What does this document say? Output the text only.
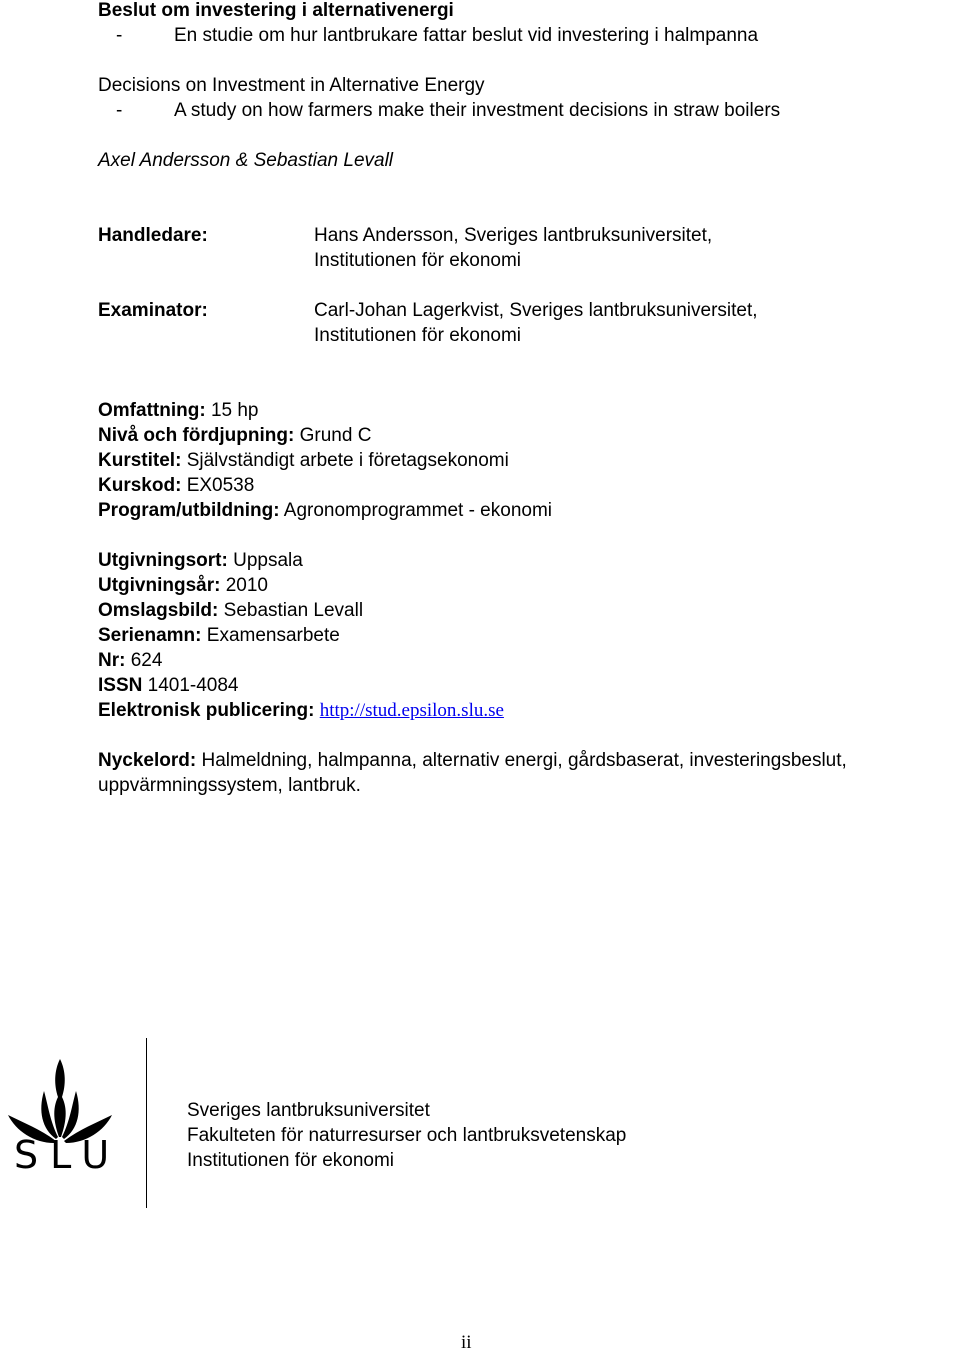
Beslut om investering i alternativenergi
-	En studie om hur lantbrukare fattar beslut vid investering i halmpanna
Decisions on Investment in Alternative Energy
-	A study on how farmers make their investment decisions in straw boilers
Axel Andersson & Sebastian Levall
Handledare:	Hans Andersson, Sveriges lantbruksuniversitet,
Institutionen för ekonomi
Examinator:	Carl-Johan Lagerkvist, Sveriges lantbruksuniversitet,
Institutionen för ekonomi
Omfattning: 15 hp
Nivå och fördjupning: Grund C
Kurstitel: Självständigt arbete i företagsekonomi
Kurskod: EX0538
Program/utbildning: Agronomprogrammet - ekonomi
Utgivningsort: Uppsala
Utgivningsår: 2010
Omslagsbild: Sebastian Levall
Serienamn: Examensarbete
Nr: 624
ISSN 1401-4084
Elektronisk publicering: http://stud.epsilon.slu.se
Nyckelord: Halmeldning, halmpanna, alternativ energi, gårdsbaserat, investeringsbeslut,
uppvärmningssystem, lantbruk.
SLU
Sveriges lantbruksuniversitet
Fakulteten för naturresurser och lantbruksvetenskap
Institutionen för ekonomi
ii
